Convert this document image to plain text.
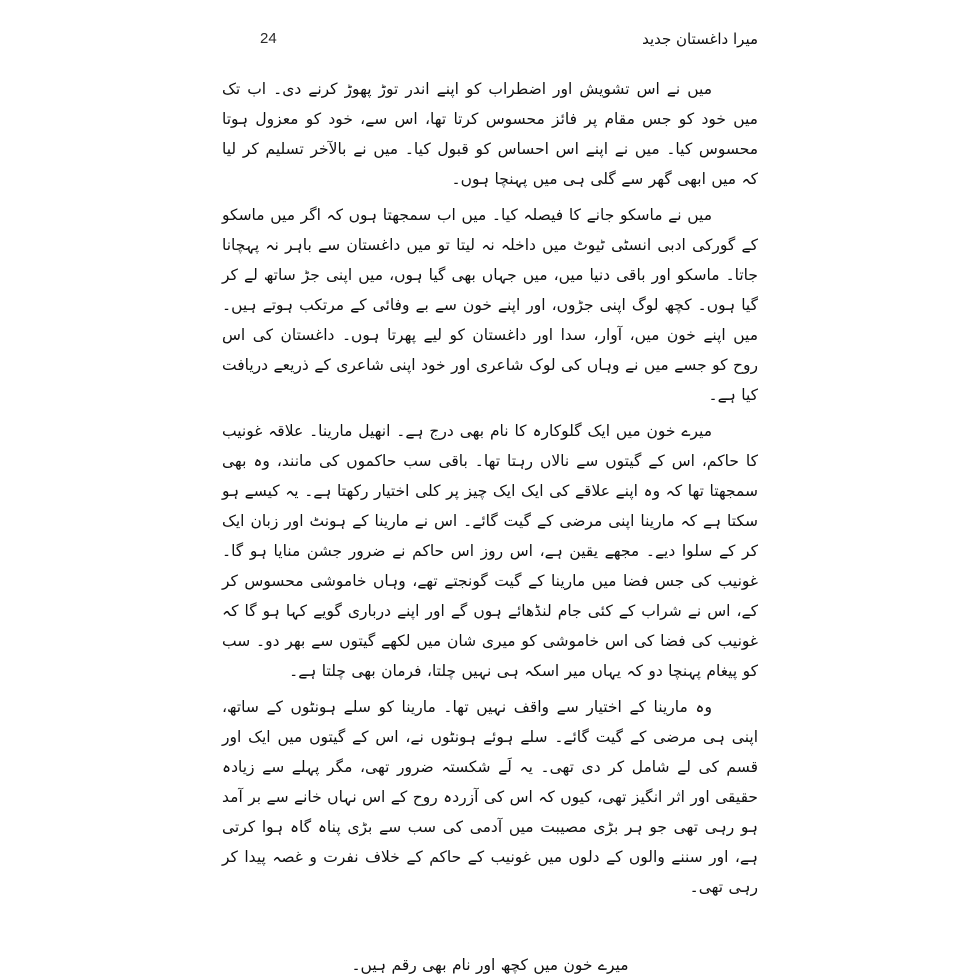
میرا داغستان جدید
24

میں نے اس تشویش اور اضطراب کو اپنے اندر توڑ پھوڑ کرنے دی۔ اب تک میں خود کو جس مقام پر فائز محسوس کرتا تھا، اس سے، خود کو معزول ہوتا محسوس کیا۔ میں نے اپنے اس احساس کو قبول کیا۔ میں نے بالآخر تسلیم کر لیا کہ میں ابھی گھر سے گلی ہی میں پہنچا ہوں۔

میں نے ماسکو جانے کا فیصلہ کیا۔ میں اب سمجھتا ہوں کہ اگر میں ماسکو کے گورکی ادبی انسٹی ٹیوٹ میں داخلہ نہ لیتا تو میں داغستان سے باہر نہ پہچانا جاتا۔ ماسکو اور باقی دنیا میں، میں جہاں بھی گیا ہوں، میں اپنی جڑ ساتھ لے کر گیا ہوں۔ کچھ لوگ اپنی جڑوں، اور اپنے خون سے بے وفائی کے مرتکب ہوتے ہیں۔ میں اپنے خون میں، آوار، سدا اور داغستان کو لیے پھرتا ہوں۔ داغستان کی اس روح کو جسے میں نے وہاں کی لوک شاعری اور خود اپنی شاعری کے ذریعے دریافت کیا ہے۔

میرے خون میں ایک گلوکارہ کا نام بھی درج ہے۔ انھیل مارینا۔ علاقہ غونیب کا حاکم، اس کے گیتوں سے نالاں رہتا تھا۔ باقی سب حاکموں کی مانند، وہ بھی سمجھتا تھا کہ وہ اپنے علاقے کی ایک ایک چیز پر کلی اختیار رکھتا ہے۔ یہ کیسے ہو سکتا ہے کہ مارینا اپنی مرضی کے گیت گائے۔ اس نے مارینا کے ہونٹ اور زبان ایک کر کے سلوا دیے۔ مجھے یقین ہے، اس روز اس حاکم نے ضرور جشن منایا ہو گا۔ غونیب کی جس فضا میں مارینا کے گیت گونجتے تھے، وہاں خاموشی محسوس کر کے، اس نے شراب کے کئی جام لنڈھائے ہوں گے اور اپنے درباری گویے کہا ہو گا کہ غونیب کی فضا کی اس خاموشی کو میری شان میں لکھے گیتوں سے بھر دو۔ سب کو پیغام پہنچا دو کہ یہاں میر اسکہ ہی نہیں چلتا، فرمان بھی چلتا ہے۔

وہ مارینا کے اختیار سے واقف نہیں تھا۔ مارینا کو سلے ہونٹوں کے ساتھ، اپنی ہی مرضی کے گیت گائے۔ سلے ہوئے ہونٹوں نے، اس کے گیتوں میں ایک اور قسم کی لے شامل کر دی تھی۔ یہ لَے شکستہ ضرور تھی، مگر پہلے سے زیادہ حقیقی اور اثر انگیز تھی، کیوں کہ اس کی آزردہ روح کے اس نہاں خانے سے بر آمد ہو رہی تھی جو ہر بڑی مصیبت میں آدمی کی سب سے بڑی پناہ گاہ ہوا کرتی ہے، اور سننے والوں کے دلوں میں غونیب کے حاکم کے خلاف نفرت و غصہ پیدا کر رہی تھی۔

میرے خون میں کچھ اور نام بھی رقم ہیں۔
